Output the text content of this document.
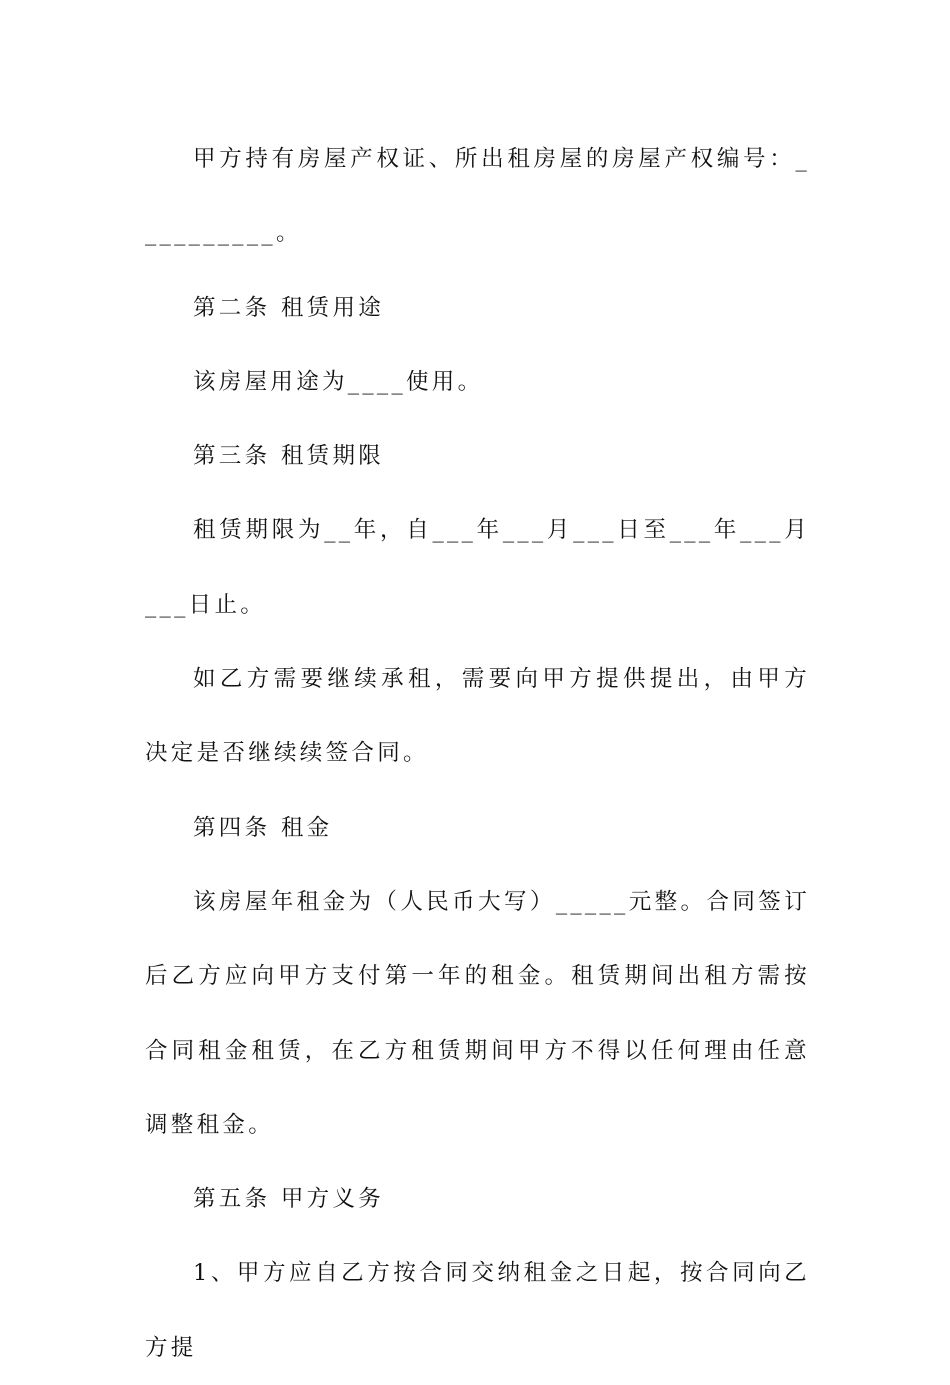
甲方持有房屋产权证、所出租房屋的房屋产权编号：__________。

第二条 租赁用途

该房屋用途为____使用。

第三条 租赁期限

租赁期限为__年，自___年___月___日至___年___月___日止。

如乙方需要继续承租，需要向甲方提供提出，由甲方决定是否继续续签合同。

第四条 租金

该房屋年租金为（人民币大写）_____元整。合同签订后乙方应向甲方支付第一年的租金。租赁期间出租方需按合同租金租赁，在乙方租赁期间甲方不得以任何理由任意调整租金。

第五条 甲方义务

1、甲方应自乙方按合同交纳租金之日起，按合同向乙方提
